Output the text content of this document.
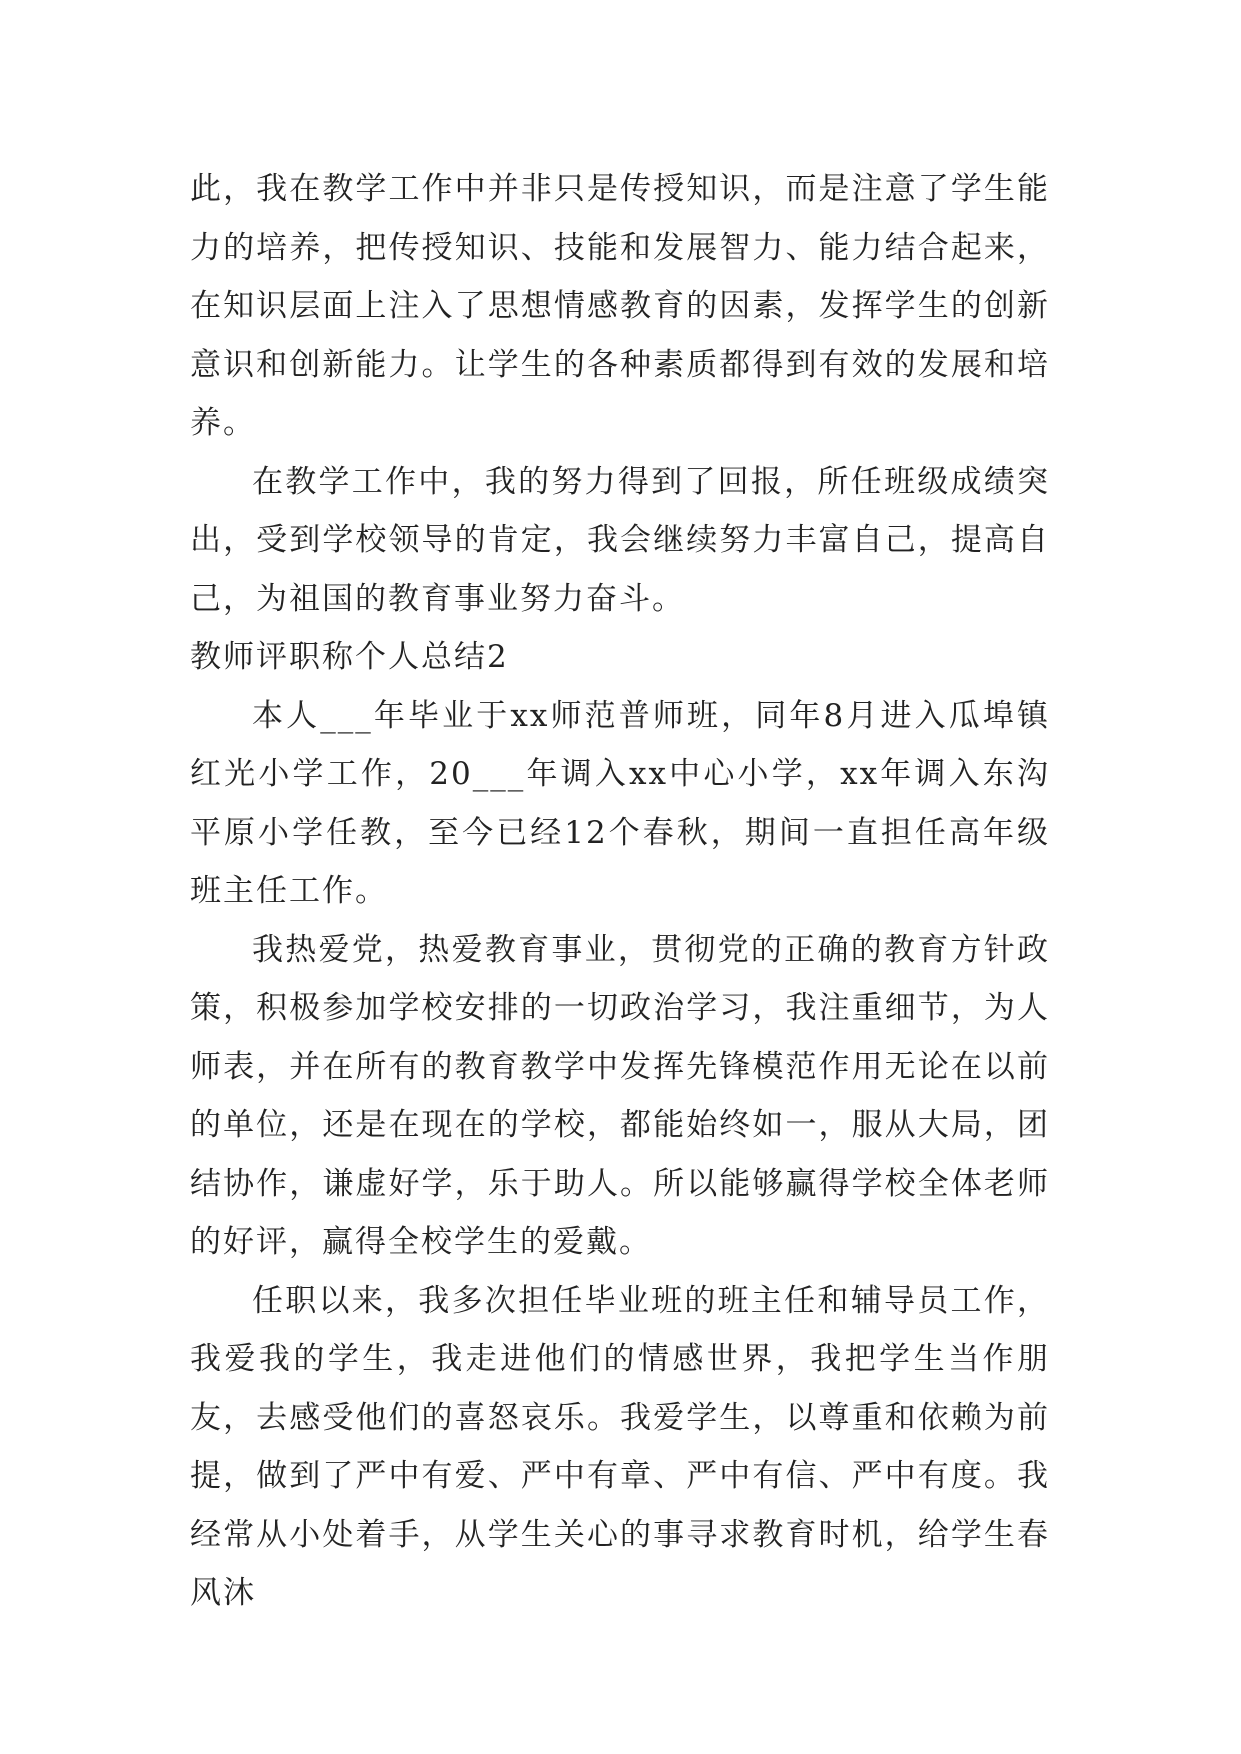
此，我在教学工作中并非只是传授知识，而是注意了学生能力的培养，把传授知识、技能和发展智力、能力结合起来，在知识层面上注入了思想情感教育的因素，发挥学生的创新意识和创新能力。让学生的各种素质都得到有效的发展和培养。

在教学工作中，我的努力得到了回报，所任班级成绩突出，受到学校领导的肯定，我会继续努力丰富自己，提高自己，为祖国的教育事业努力奋斗。

教师评职称个人总结2

本人___年毕业于xx师范普师班，同年8月进入瓜埠镇红光小学工作，20___年调入xx中心小学，xx年调入东沟平原小学任教，至今已经12个春秋，期间一直担任高年级班主任工作。

我热爱党，热爱教育事业，贯彻党的正确的教育方针政策，积极参加学校安排的一切政治学习，我注重细节，为人师表，并在所有的教育教学中发挥先锋模范作用无论在以前的单位，还是在现在的学校，都能始终如一，服从大局，团结协作，谦虚好学，乐于助人。所以能够赢得学校全体老师的好评，赢得全校学生的爱戴。

任职以来，我多次担任毕业班的班主任和辅导员工作，我爱我的学生，我走进他们的情感世界，我把学生当作朋友，去感受他们的喜怒哀乐。我爱学生，以尊重和依赖为前提，做到了严中有爱、严中有章、严中有信、严中有度。我经常从小处着手，从学生关心的事寻求教育时机，给学生春风沐
